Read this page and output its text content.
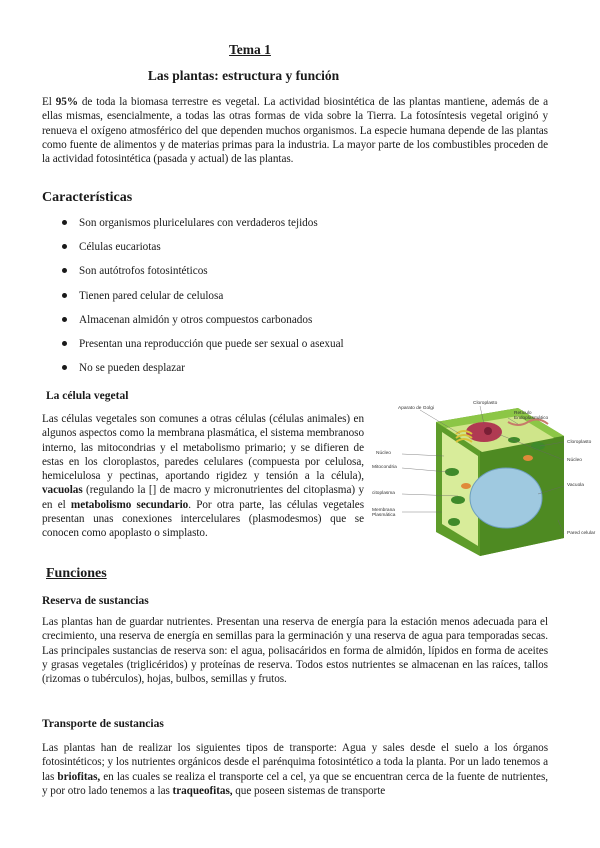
Tema 1
Las plantas: estructura y función
El 95% de toda la biomasa terrestre es vegetal. La actividad biosintética de las plantas mantiene, además de a ellas mismas, esencialmente, a todas las otras formas de vida sobre la Tierra. La fotosíntesis vegetal originó y renueva el oxígeno atmosférico del que dependen muchos organismos. La especie humana depende de las plantas como fuente de alimentos y de materias primas para la industria. La mayor parte de los combustibles proceden de la actividad fotosintética (pasada y actual) de las plantas.
Características
Son organismos pluricelulares con verdaderos tejidos
Células eucariotas
Son autótrofos fotosintéticos
Tienen pared celular de celulosa
Almacenan almidón y otros compuestos carbonados
Presentan una reproducción que puede ser sexual o asexual
No se pueden desplazar
La célula vegetal
Las células vegetales son comunes a otras células (células animales) en algunos aspectos como la membrana plasmática, el sistema membranoso interno, las mitocondrias y el metabolismo primario; y se difieren de estas en los cloroplastos, paredes celulares (compuesta por celulosa, hemicelulosa y pectinas, aportando rigidez y tensión a la célula), vacuolas (regulando la [] de macro y micronutrientes del citoplasma) y en el metabolismo secundario. Por otra parte, las células vegetales presentan unas conexiones intercelulares (plasmodesmos) que se conocen como apoplasto o simplasto.
Aparato de Golgi
Cloroplasto
Retículo Endoplasmático
Cloroplasto
Núcleo
Vacuola
Pared celular
Núcleo
Mitocondria
citoplasma
Membrana Plasmática
Funciones
Reserva de sustancias
Las plantas han de guardar nutrientes. Presentan una reserva de energía para la estación menos adecuada para el crecimiento, una reserva de energía en semillas para la germinación y una reserva de agua para temporadas secas. Las principales sustancias de reserva son: el agua, polisacáridos en forma de almidón, lípidos en forma de aceites y grasas vegetales (triglicéridos) y proteínas de reserva. Todos estos nutrientes se almacenan en las raíces, tallos (rizomas o tubérculos), hojas, bulbos, semillas y frutos.
Transporte de sustancias
Las plantas han de realizar los siguientes tipos de transporte: Agua y sales desde el suelo a los órganos fotosintéticos; y los nutrientes orgánicos desde el parénquima fotosintético a toda la planta. Por un lado tenemos a las briofitas, en las cuales se realiza el transporte cel a cel, ya que se encuentran cerca de la fuente de nutrientes, y por otro lado tenemos a las traqueofitas, que poseen sistemas de transporte
